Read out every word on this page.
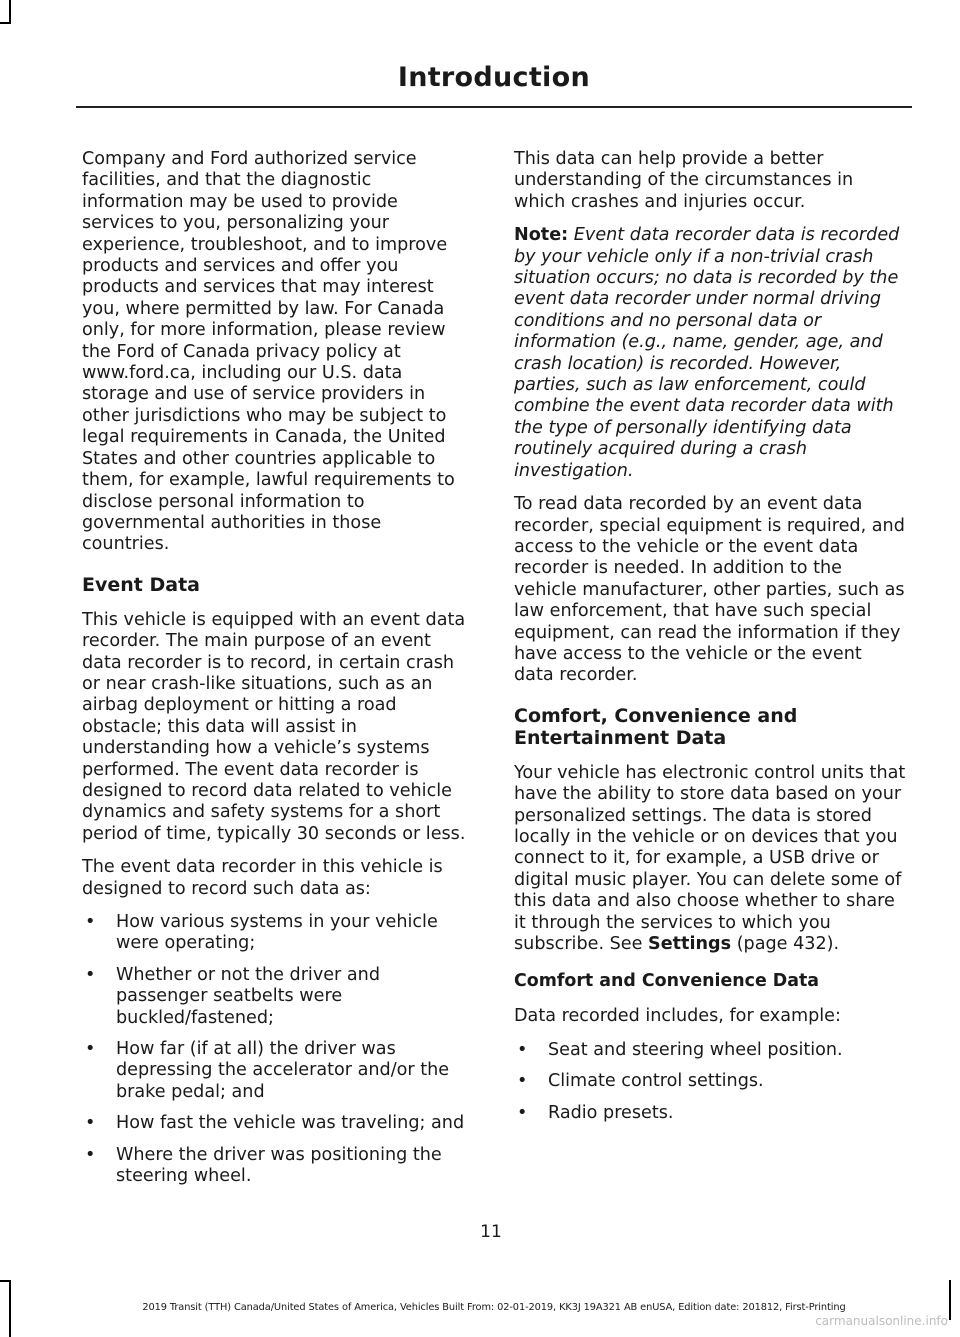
Introduction

Company and Ford authorized service facilities, and that the diagnostic information may be used to provide services to you, personalizing your experience, troubleshoot, and to improve products and services and offer you products and services that may interest you, where permitted by law. For Canada only, for more information, please review the Ford of Canada privacy policy at www.ford.ca, including our U.S. data storage and use of service providers in other jurisdictions who may be subject to legal requirements in Canada, the United States and other countries applicable to them, for example, lawful requirements to disclose personal information to governmental authorities in those countries.

Event Data

This vehicle is equipped with an event data recorder. The main purpose of an event data recorder is to record, in certain crash or near crash-like situations, such as an airbag deployment or hitting a road obstacle; this data will assist in understanding how a vehicle’s systems performed. The event data recorder is designed to record data related to vehicle dynamics and safety systems for a short period of time, typically 30 seconds or less.

The event data recorder in this vehicle is designed to record such data as:

• How various systems in your vehicle were operating;
• Whether or not the driver and passenger seatbelts were buckled/fastened;
• How far (if at all) the driver was depressing the accelerator and/or the brake pedal; and
• How fast the vehicle was traveling; and
• Where the driver was positioning the steering wheel.

This data can help provide a better understanding of the circumstances in which crashes and injuries occur.

Note: Event data recorder data is recorded by your vehicle only if a non-trivial crash situation occurs; no data is recorded by the event data recorder under normal driving conditions and no personal data or information (e.g., name, gender, age, and crash location) is recorded. However, parties, such as law enforcement, could combine the event data recorder data with the type of personally identifying data routinely acquired during a crash investigation.

To read data recorded by an event data recorder, special equipment is required, and access to the vehicle or the event data recorder is needed. In addition to the vehicle manufacturer, other parties, such as law enforcement, that have such special equipment, can read the information if they have access to the vehicle or the event data recorder.

Comfort, Convenience and Entertainment Data

Your vehicle has electronic control units that have the ability to store data based on your personalized settings. The data is stored locally in the vehicle or on devices that you connect to it, for example, a USB drive or digital music player. You can delete some of this data and also choose whether to share it through the services to which you subscribe. See Settings (page 432).

Comfort and Convenience Data

Data recorded includes, for example:

• Seat and steering wheel position.
• Climate control settings.
• Radio presets.
11
2019 Transit (TTH) Canada/United States of America, Vehicles Built From: 02-01-2019, KK3J 19A321 AB enUSA, Edition date: 201812, First-Printing
carmanualsonline.info
